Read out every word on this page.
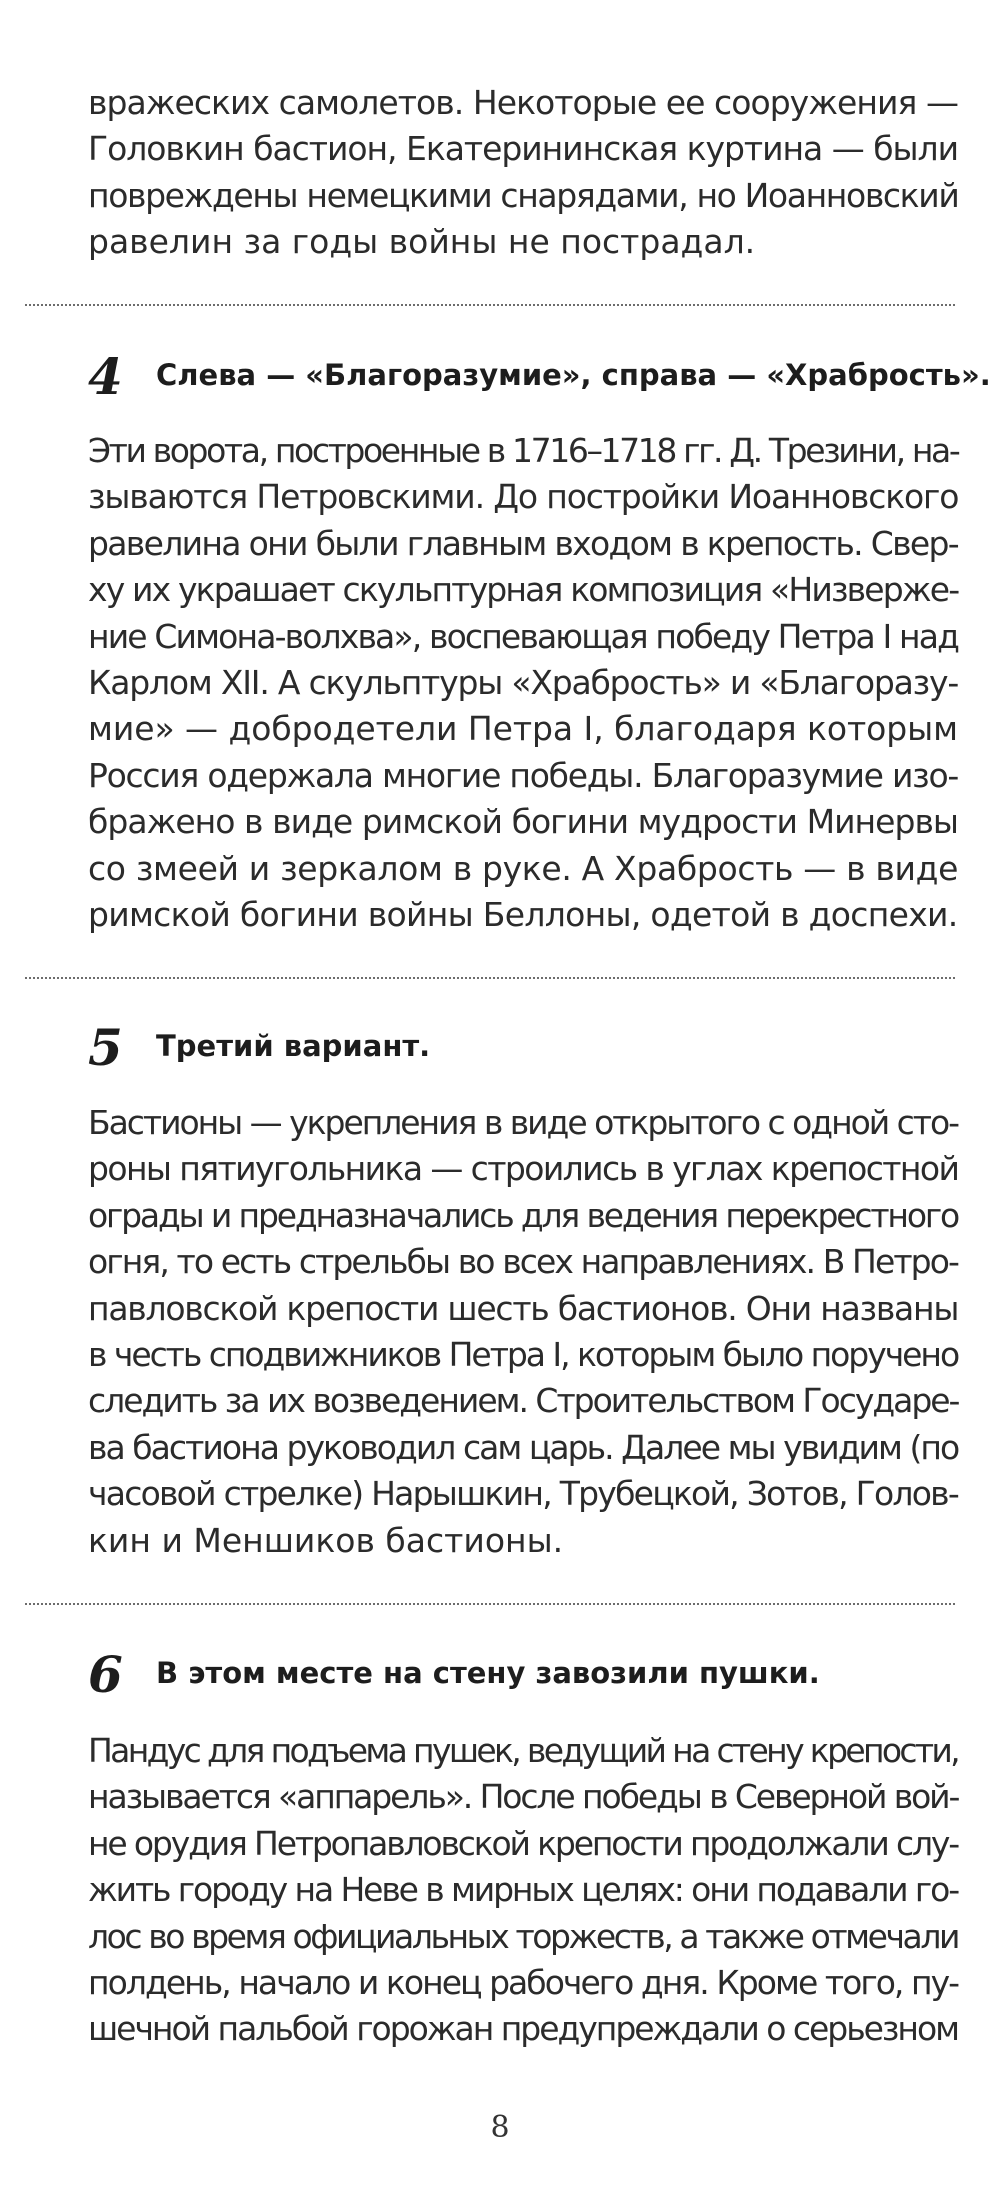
вражеских самолетов. Некоторые ее сооружения —
Головкин бастион, Екатерининская куртина — были
повреждены немецкими снарядами, но Иоанновский
равелин за годы войны не пострадал.
4 Слева — «Благоразумие», справа — «Храбрость».
Эти ворота, построенные в 1716–1718 гг. Д. Трезини, на-
зываются Петровскими. До постройки Иоанновского
равелина они были главным входом в крепость. Свер-
ху их украшает скульптурная композиция «Низверже-
ние Симона-волхва», воспевающая победу Петра I над
Карлом XII. А скульптуры «Храбрость» и «Благоразу-
мие» — добродетели Петра I, благодаря которым
Россия одержала многие победы. Благоразумие изо-
бражено в виде римской богини мудрости Минервы
со змеей и зеркалом в руке. А Храбрость — в виде
римской богини войны Беллоны, одетой в доспехи.
5 Третий вариант.
Бастионы — укрепления в виде открытого с одной сто-
роны пятиугольника — строились в углах крепостной
ограды и предназначались для ведения перекрестного
огня, то есть стрельбы во всех направлениях. В Петро-
павловской крепости шесть бастионов. Они названы
в честь сподвижников Петра I, которым было поручено
следить за их возведением. Строительством Государе-
ва бастиона руководил сам царь. Далее мы увидим (по
часовой стрелке) Нарышкин, Трубецкой, Зотов, Голов-
кин и Меншиков бастионы.
6 В этом месте на стену завозили пушки.
Пандус для подъема пушек, ведущий на стену крепости,
называется «аппарель». После победы в Северной вой-
не орудия Петропавловской крепости продолжали слу-
жить городу на Неве в мирных целях: они подавали го-
лос во время официальных торжеств, а также отмечали
полдень, начало и конец рабочего дня. Кроме того, пу-
шечной пальбой горожан предупреждали о серьезном
8
